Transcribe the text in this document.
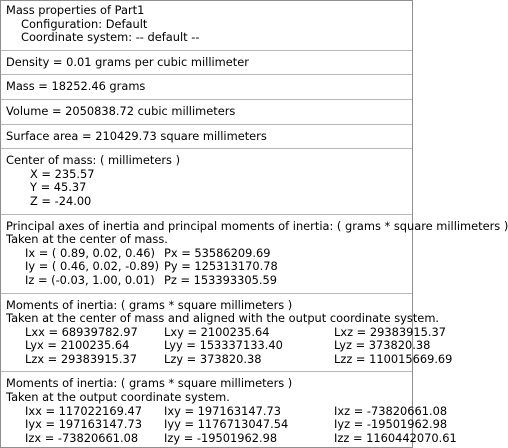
Mass properties of Part1
Configuration: Default
Coordinate system: -- default --
Density = 0.01 grams per cubic millimeter
Mass = 18252.46 grams
Volume = 2050838.72 cubic millimeters
Surface area = 210429.73 square millimeters
Center of mass: ( millimeters )
X = 235.57
Y = 45.37
Z = -24.00
Principal axes of inertia and principal moments of inertia: ( grams * square millimeters )
Taken at the center of mass.
Ix = ( 0.89, 0.02, 0.46) Px = 53586209.69
Iy = ( 0.46, 0.02, -0.89) Py = 125313170.78
Iz = (-0.03, 1.00, 0.01) Pz = 153393305.59
Moments of inertia: ( grams * square millimeters )
Taken at the center of mass and aligned with the output coordinate system.
Lxx = 68939782.97 Lxy = 2100235.64	Lxz = 29383915.37
Lyx = 2100235.64	Lyy = 153337133.40	Lyz = 373820.38
Lzx = 29383915.37 Lzy = 373820.38	Lzz = 110015669.69
Moments of inertia: ( grams * square millimeters )
Taken at the output coordinate system.
Ixx = 117022169.47 Ixy = 197163147.73	Ixz = -73820661.08
Iyx = 197163147.73 Iyy = 1176713047.54	Iyz = -19501962.98
Izx = -73820661.08 Izy = -19501962.98	Izz = 1160442070.61
